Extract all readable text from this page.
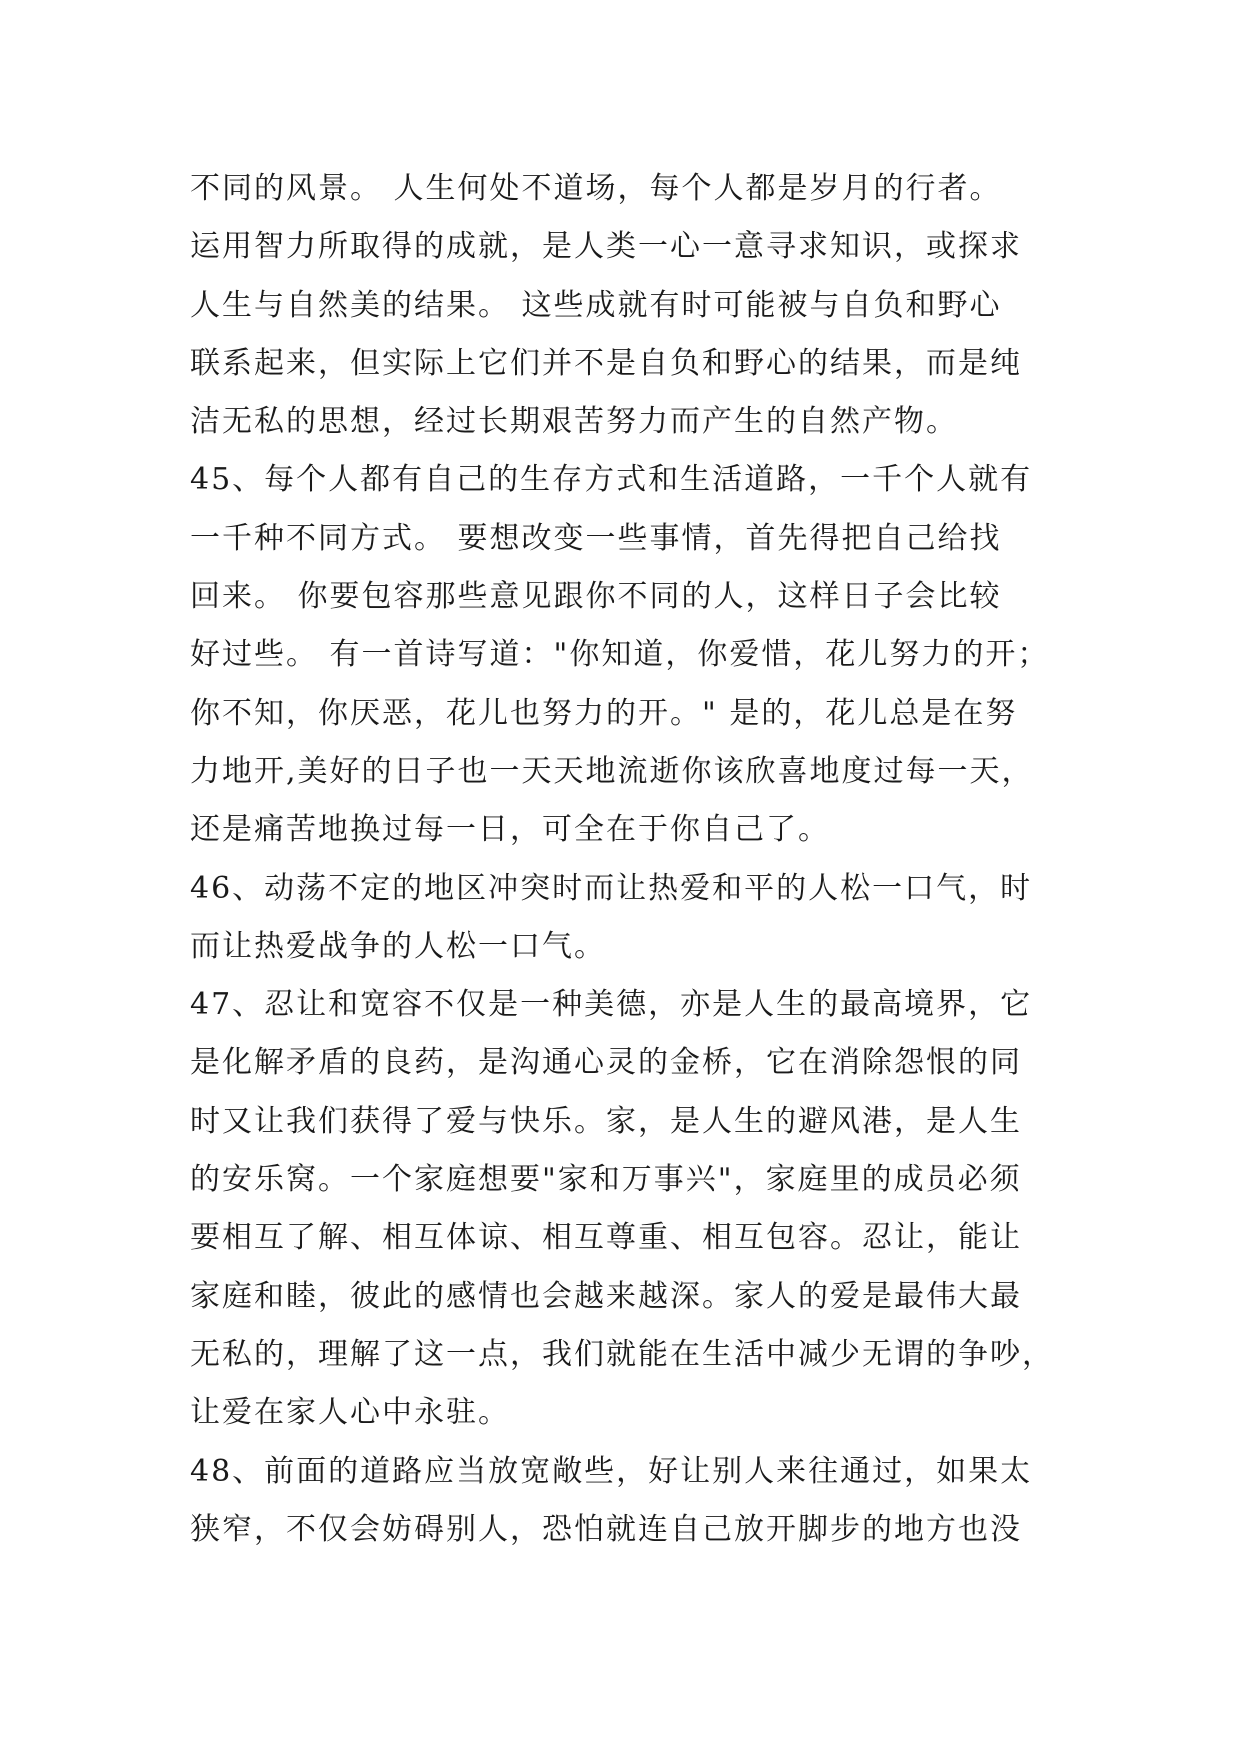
不同的风景。 人生何处不道场，每个人都是岁月的行者。
运用智力所取得的成就，是人类一心一意寻求知识，或探求
人生与自然美的结果。 这些成就有时可能被与自负和野心
联系起来，但实际上它们并不是自负和野心的结果，而是纯
洁无私的思想，经过长期艰苦努力而产生的自然产物。
45、每个人都有自己的生存方式和生活道路，一千个人就有
一千种不同方式。 要想改变一些事情，首先得把自己给找
回来。 你要包容那些意见跟你不同的人，这样日子会比较
好过些。 有一首诗写道："你知道，你爱惜，花儿努力的开；
你不知，你厌恶，花儿也努力的开。" 是的，花儿总是在努
力地开,美好的日子也一天天地流逝你该欣喜地度过每一天，
还是痛苦地换过每一日，可全在于你自己了。
46、动荡不定的地区冲突时而让热爱和平的人松一口气，时
而让热爱战争的人松一口气。
47、忍让和宽容不仅是一种美德，亦是人生的最高境界，它
是化解矛盾的良药，是沟通心灵的金桥，它在消除怨恨的同
时又让我们获得了爱与快乐。家，是人生的避风港，是人生
的安乐窝。一个家庭想要"家和万事兴"，家庭里的成员必须
要相互了解、相互体谅、相互尊重、相互包容。忍让，能让
家庭和睦，彼此的感情也会越来越深。家人的爱是最伟大最
无私的，理解了这一点，我们就能在生活中减少无谓的争吵，
让爱在家人心中永驻。
48、前面的道路应当放宽敞些，好让别人来往通过，如果太
狭窄，不仅会妨碍别人，恐怕就连自己放开脚步的地方也没
